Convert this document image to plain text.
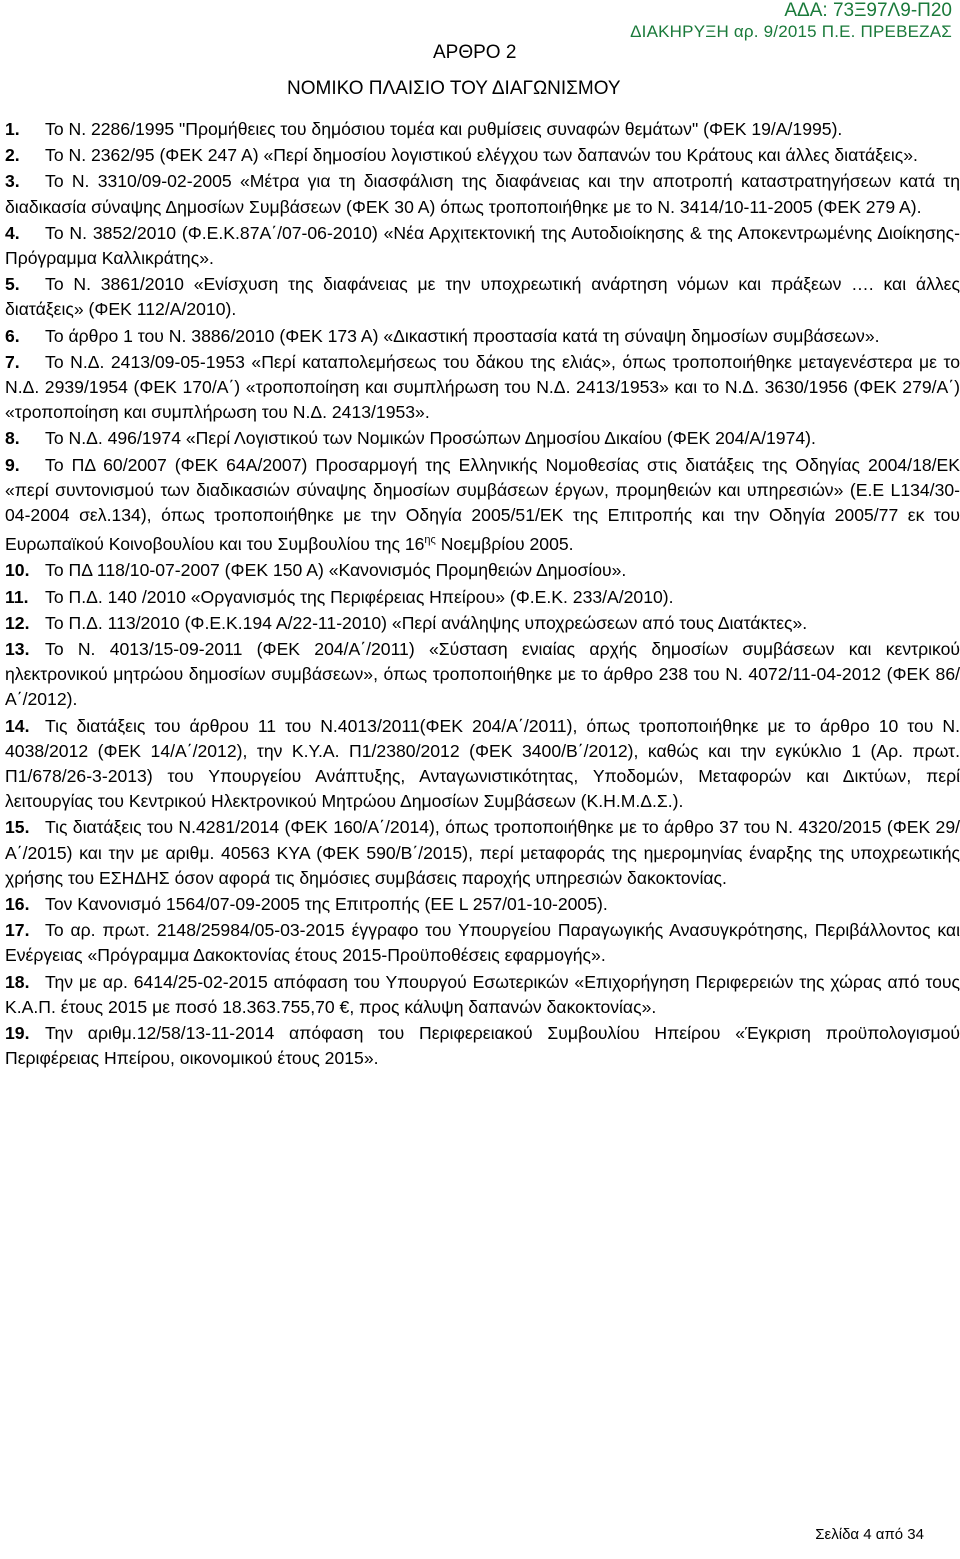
ΑΔΑ: 73Ξ97Λ9-Π20
ΔΙΑΚΗΡΥΞΗ αρ. 9/2015 Π.Ε. ΠΡΕΒΕΖΑΣ
ΑΡΘΡΟ 2
ΝΟΜΙΚΟ ΠΛΑΙΣΙΟ ΤΟΥ ΔΙΑΓΩΝΙΣΜΟΥ
1. Το Ν. 2286/1995 "Προμήθειες του δημόσιου τομέα και ρυθμίσεις συναφών θεμάτων" (ΦΕΚ 19/Α/1995).
2. Το Ν. 2362/95 (ΦΕΚ 247 Α) «Περί δημοσίου λογιστικού ελέγχου των δαπανών του Κράτους και άλλες διατάξεις».
3. Το Ν. 3310/09-02-2005 «Μέτρα για τη διασφάλιση της διαφάνειας και την αποτροπή καταστρατηγήσεων κατά τη διαδικασία σύναψης Δημοσίων Συμβάσεων (ΦΕΚ 30 Α) όπως τροποποιήθηκε με το Ν. 3414/10-11-2005 (ΦΕΚ 279 Α).
4. Το Ν. 3852/2010 (Φ.Ε.Κ.87Α΄/07-06-2010) «Νέα Αρχιτεκτονική της Αυτοδιοίκησης & της Αποκεντρωμένης Διοίκησης-Πρόγραμμα Καλλικράτης».
5. Το Ν. 3861/2010 «Ενίσχυση της διαφάνειας με την υποχρεωτική ανάρτηση νόμων και πράξεων …. και άλλες διατάξεις» (ΦΕΚ 112/Α/2010).
6. Το άρθρο 1 του Ν. 3886/2010 (ΦΕΚ 173 Α) «Δικαστική προστασία κατά τη σύναψη δημοσίων συμβάσεων».
7. Το Ν.Δ. 2413/09-05-1953 «Περί καταπολεμήσεως του δάκου της ελιάς», όπως τροποποιήθηκε μεταγενέστερα με το Ν.Δ. 2939/1954 (ΦΕΚ 170/Α΄) «τροποποίηση και συμπλήρωση του Ν.Δ. 2413/1953» και το Ν.Δ. 3630/1956 (ΦΕΚ 279/Α΄) «τροποποίηση και συμπλήρωση του Ν.Δ. 2413/1953».
8. Το Ν.Δ. 496/1974 «Περί Λογιστικού των Νομικών Προσώπων Δημοσίου Δικαίου (ΦΕΚ 204/Α/1974).
9. Το ΠΔ 60/2007 (ΦΕΚ 64Α/2007) Προσαρμογή της Ελληνικής Νομοθεσίας στις διατάξεις της Οδηγίας 2004/18/ΕΚ «περί συντονισμού των διαδικασιών σύναψης δημοσίων συμβάσεων έργων, προμηθειών και υπηρεσιών» (Ε.Ε L134/30-04-2004 σελ.134), όπως τροποποιήθηκε με την Οδηγία 2005/51/ΕΚ της Επιτροπής και την Οδηγία 2005/77 εκ του Ευρωπαϊκού Κοινοβουλίου και του Συμβουλίου της $16^{\eta\varsigma}$ Νοεμβρίου 2005.
10. Το ΠΔ 118/10-07-2007 (ΦΕΚ 150 Α) «Κανονισμός Προμηθειών Δημοσίου».
11. Το Π.Δ. 140 /2010 «Οργανισμός της Περιφέρειας Ηπείρου» (Φ.Ε.Κ. 233/Α/2010).
12. Το Π.Δ. 113/2010 (Φ.Ε.Κ.194 Α/22-11-2010) «Περί ανάληψης υποχρεώσεων από τους Διατάκτες».
13. Το Ν. 4013/15-09-2011 (ΦΕΚ 204/Α΄/2011) «Σύσταση ενιαίας αρχής δημοσίων συμβάσεων και κεντρικού ηλεκτρονικού μητρώου δημοσίων συμβάσεων», όπως τροποποιήθηκε με το άρθρο 238 του Ν. 4072/11-04-2012 (ΦΕΚ 86/Α΄/2012).
14. Τις διατάξεις του άρθρου 11 του Ν.4013/2011(ΦΕΚ 204/Α΄/2011), όπως τροποποιήθηκε με το άρθρο 10 του Ν. 4038/2012 (ΦΕΚ 14/Α΄/2012), την Κ.Υ.Α. Π1/2380/2012 (ΦΕΚ 3400/Β΄/2012), καθώς και την εγκύκλιο 1 (Αρ. πρωτ. Π1/678/26-3-2013) του Υπουργείου Ανάπτυξης, Ανταγωνιστικότητας, Υποδομών, Μεταφορών και Δικτύων, περί λειτουργίας του Κεντρικού Ηλεκτρονικού Μητρώου Δημοσίων Συμβάσεων (Κ.Η.Μ.Δ.Σ.).
15. Τις διατάξεις του Ν.4281/2014 (ΦΕΚ 160/Α΄/2014), όπως τροποποιήθηκε με το άρθρο 37 του Ν. 4320/2015 (ΦΕΚ 29/Α΄/2015) και την με αριθμ. 40563 ΚΥΑ (ΦΕΚ 590/Β΄/2015), περί μεταφοράς της ημερομηνίας έναρξης της υποχρεωτικής χρήσης του ΕΣΗΔΗΣ όσον αφορά τις δημόσιες συμβάσεις παροχής υπηρεσιών δακοκτονίας.
16. Τον Κανονισμό 1564/07-09-2005 της Επιτροπής (ΕΕ L 257/01-10-2005).
17. Το αρ. πρωτ. 2148/25984/05-03-2015 έγγραφο του Υπουργείου Παραγωγικής Ανασυγκρότησης, Περιβάλλοντος και Ενέργειας «Πρόγραμμα Δακοκτονίας έτους 2015-Προϋποθέσεις εφαρμογής».
18. Την με αρ. 6414/25-02-2015 απόφαση του Υπουργού Εσωτερικών «Επιχορήγηση Περιφερειών της χώρας από τους Κ.Α.Π. έτους 2015 με ποσό 18.363.755,70 €, προς κάλυψη δαπανών δακοκτονίας».
19. Την αριθμ.12/58/13-11-2014 απόφαση του Περιφερειακού Συμβουλίου Ηπείρου «Έγκριση προϋπολογισμού Περιφέρειας Ηπείρου, οικονομικού έτους 2015».
Σελίδα 4 από 34
